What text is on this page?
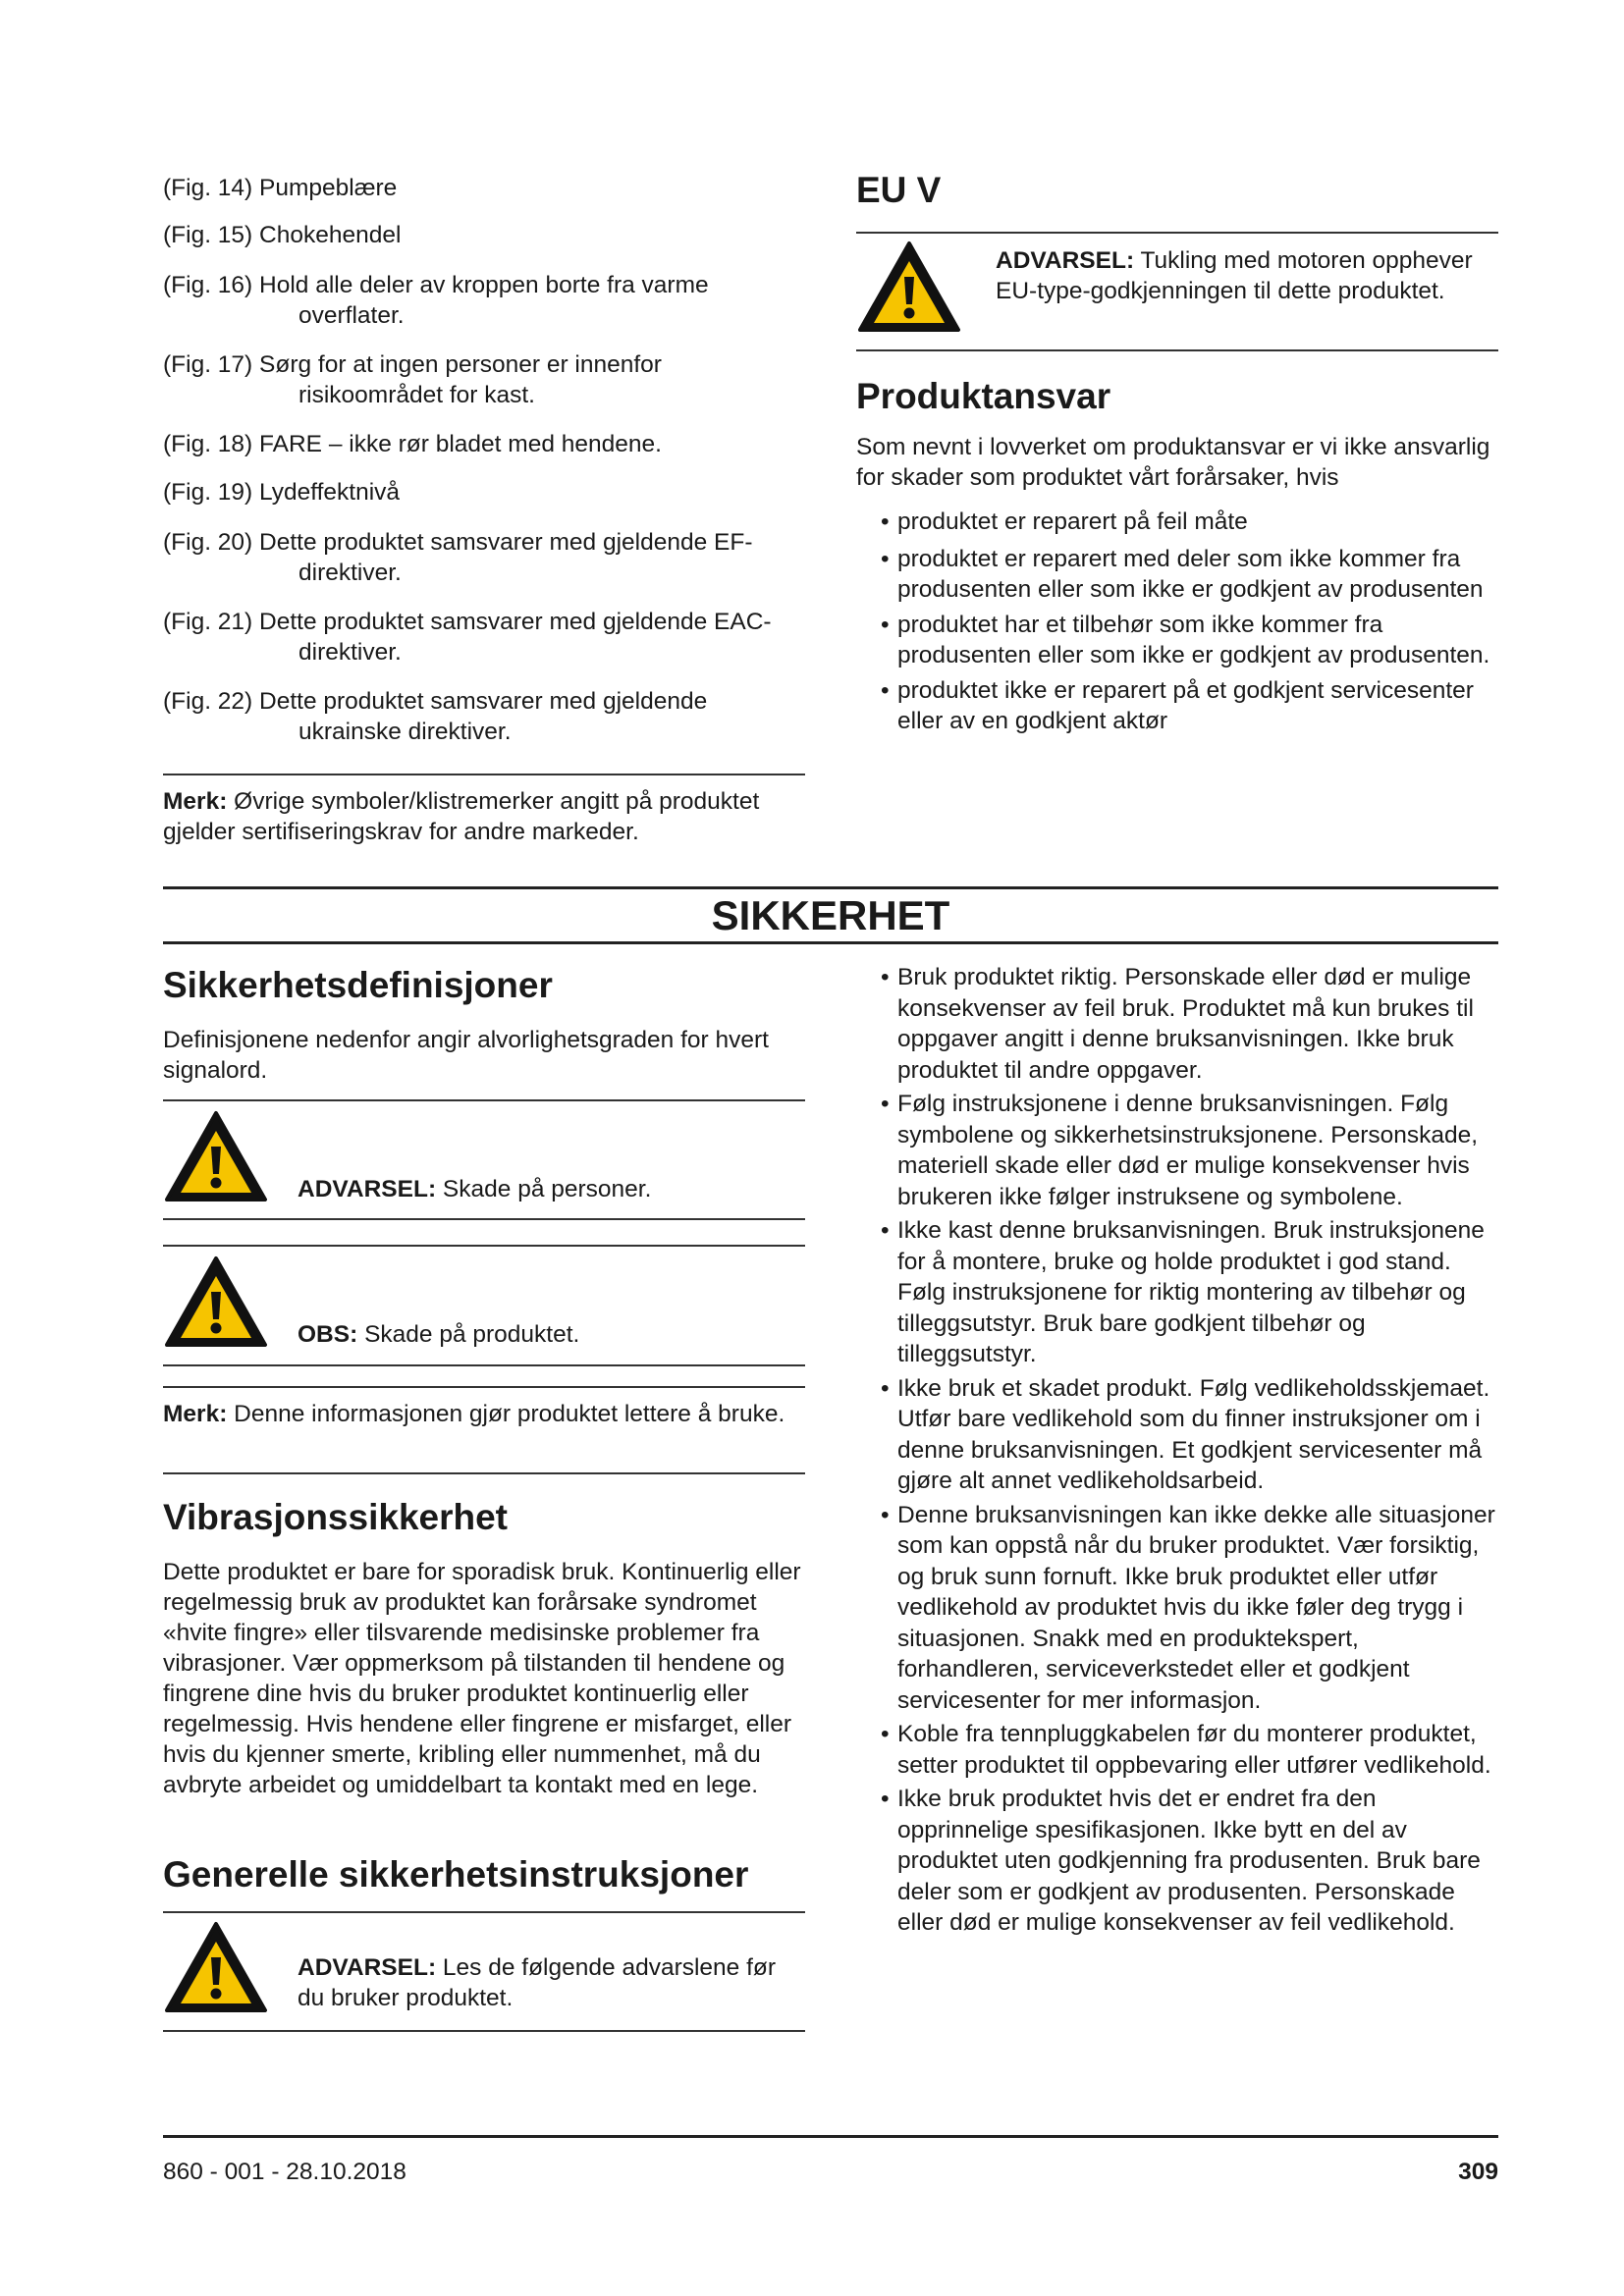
(Fig. 14) Pumpeblære

(Fig. 15) Chokehendel

(Fig. 16) Hold alle deler av kroppen borte fra varme overflater.

(Fig. 17) Sørg for at ingen personer er innenfor risikoområdet for kast.

(Fig. 18) FARE – ikke rør bladet med hendene.

(Fig. 19) Lydeffektnivå

(Fig. 20) Dette produktet samsvarer med gjeldende EF-direktiver.

(Fig. 21) Dette produktet samsvarer med gjeldende EAC-direktiver.

(Fig. 22) Dette produktet samsvarer med gjeldende ukrainske direktiver.

Merk: Øvrige symboler/klistremerker angitt på produktet gjelder sertifiseringskrav for andre markeder.

EU V

ADVARSEL: Tukling med motoren opphever EU-type-godkjenningen til dette produktet.

Produktansvar

Som nevnt i lovverket om produktansvar er vi ikke ansvarlig for skader som produktet vårt forårsaker, hvis

• produktet er reparert på feil måte

• produktet er reparert med deler som ikke kommer fra produsenten eller som ikke er godkjent av produsenten

• produktet har et tilbehør som ikke kommer fra produsenten eller som ikke er godkjent av produsenten.

• produktet ikke er reparert på et godkjent servicesenter eller av en godkjent aktør

SIKKERHET
Sikkerhetsdefinisjoner

Definisjonene nedenfor angir alvorlighetsgraden for hvert signalord.

ADVARSEL: Skade på personer.

OBS: Skade på produktet.

Merk: Denne informasjonen gjør produktet lettere å bruke.

Vibrasjonssikkerhet

Dette produktet er bare for sporadisk bruk. Kontinuerlig eller regelmessig bruk av produktet kan forårsake syndromet «hvite fingre» eller tilsvarende medisinske problemer fra vibrasjoner. Vær oppmerksom på tilstanden til hendene og fingrene dine hvis du bruker produktet kontinuerlig eller regelmessig. Hvis hendene eller fingrene er misfarget, eller hvis du kjenner smerte, kribling eller nummenhet, må du avbryte arbeidet og umiddelbart ta kontakt med en lege.

Generelle sikkerhetsinstruksjoner

ADVARSEL: Les de følgende advarslene før du bruker produktet.

• Bruk produktet riktig. Personskade eller død er mulige konsekvenser av feil bruk. Produktet må kun brukes til oppgaver angitt i denne bruksanvisningen. Ikke bruk produktet til andre oppgaver.

• Følg instruksjonene i denne bruksanvisningen. Følg symbolene og sikkerhetsinstruksjonene. Personskade, materiell skade eller død er mulige konsekvenser hvis brukeren ikke følger instruksene og symbolene.

• Ikke kast denne bruksanvisningen. Bruk instruksjonene for å montere, bruke og holde produktet i god stand. Følg instruksjonene for riktig montering av tilbehør og tilleggsutstyr. Bruk bare godkjent tilbehør og tilleggsutstyr.

• Ikke bruk et skadet produkt. Følg vedlikeholdsskjemaet. Utfør bare vedlikehold som du finner instruksjoner om i denne bruksanvisningen. Et godkjent servicesenter må gjøre alt annet vedlikeholdsarbeid.

• Denne bruksanvisningen kan ikke dekke alle situasjoner som kan oppstå når du bruker produktet. Vær forsiktig, og bruk sunn fornuft. Ikke bruk produktet eller utfør vedlikehold av produktet hvis du ikke føler deg trygg i situasjonen. Snakk med en produktekspert, forhandleren, serviceverkstedet eller et godkjent servicesenter for mer informasjon.

• Koble fra tennpluggkabelen før du monterer produktet, setter produktet til oppbevaring eller utfører vedlikehold.

• Ikke bruk produktet hvis det er endret fra den opprinnelige spesifikasjonen. Ikke bytt en del av produktet uten godkjenning fra produsenten. Bruk bare deler som er godkjent av produsenten. Personskade eller død er mulige konsekvenser av feil vedlikehold.

860 - 001 - 28.10.2018	309
